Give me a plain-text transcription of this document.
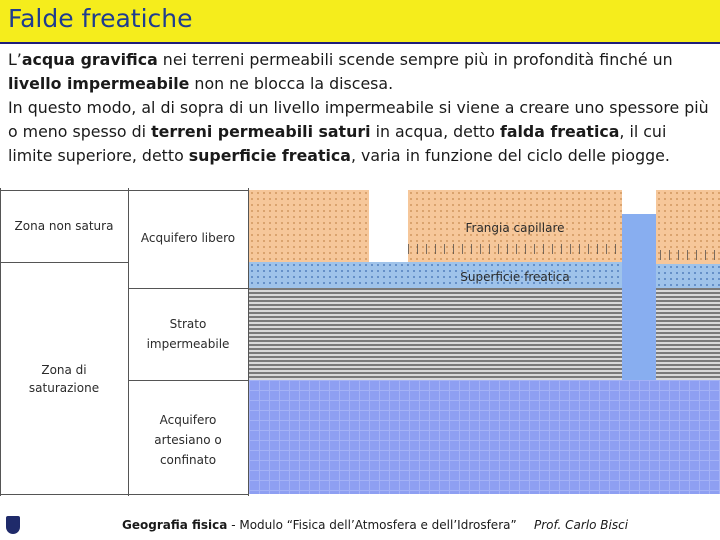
Falde freatiche

L’acqua gravifica nei terreni permeabili scende sempre più in profondità finché un livello impermeabile non ne blocca la discesa.

In questo modo, al di sopra di un livello impermeabile si viene a creare uno spessore più o meno spesso di terreni permeabili saturi in acqua, detto falda freatica, il cui limite superiore, detto superficie freatica, varia in funzione del ciclo delle piogge.

Zona non satura
Zona di
saturazione
Acquifero libero
Strato
impermeabile
Acquifero
artesiano o
confinato
Frangia capillare
Superficie freatica
Geografia fisica - Modulo “Fisica dell’Atmosfera e dell’Idrosfera” Prof. Carlo Bisci
